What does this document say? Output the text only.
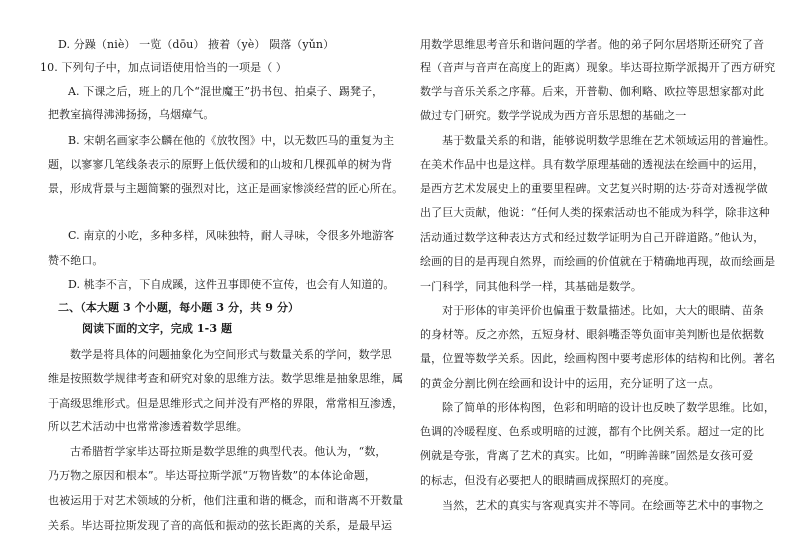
D. 分躁（niè） 一览（dōu） 掖着（yè） 陨落（yǔn）
10. 下列句子中，加点词语使用恰当的一项是（ ）
A. 下课之后，班上的几个“混世魔王”扔书包、拍桌子、踢凳子，
把教室搞得沸沸扬扬，乌烟瘴气。
B. 宋朝名画家李公麟在他的《放牧图》中，以无数匹马的重复为主
题，以寥寥几笔线条表示的原野上低伏缓和的山坡和几棵孤单的树为背
景，形成背景与主题简繁的强烈对比，这正是画家惨淡经营的匠心所在。
C. 南京的小吃，多种多样，风味独特，耐人寻味，令很多外地游客
赞不绝口。
D. 桃李不言，下自成蹊，这件丑事即使不宣传，也会有人知道的。
二、（本大题 3 个小题，每小题 3 分，共 9 分）
阅读下面的文字，完成 1-3 题
数学是将具体的问题抽象化为空间形式与数量关系的学问，数学思
维是按照数学规律考查和研究对象的思维方法。数学思维是抽象思维，属
于高级思维形式。但是思维形式之间并没有严格的界限，常常相互渗透，
所以艺术活动中也常常渗透着数学思维。
古希腊哲学家毕达哥拉斯是数学思维的典型代表。他认为，“数，
乃万物之原因和根本”。毕达哥拉斯学派“万物皆数”的本体论命题，
也被运用于对艺术领域的分析，他们注重和谐的概念，而和谐离不开数量
关系。毕达哥拉斯发现了音的高低和振动的弦长距离的关系，是最早运
用数学思维思考音乐和谐问题的学者。他的弟子阿尔居塔斯还研究了音
程（音声与音声在高度上的距离）现象。毕达哥拉斯学派揭开了西方研究
数学与音乐关系之序幕。后来，开普勒、伽利略、欧拉等思想家都对此
做过专门研究。数学学说成为西方音乐思想的基础之一
基于数量关系的和谐，能够说明数学思维在艺术领域运用的普遍性。
在美术作品中也是这样。具有数学原理基础的透视法在绘画中的运用，
是西方艺术发展史上的重要里程碑。文艺复兴时期的达·芬奇对透视学做
出了巨大贡献，他说：“任何人类的探索活动也不能成为科学，除非这种
活动通过数学这种表达方式和经过数学证明为自己开辟道路。”他认为，
绘画的目的是再现自然界，而绘画的价值就在于精确地再现，故而绘画是
一门科学，同其他科学一样，其基础是数学。
对于形体的审美评价也偏重于数量描述。比如，大大的眼睛、苗条
的身材等。反之亦然，五短身材、眼斜嘴歪等负面审美判断也是依据数
量，位置等数学关系。因此，绘画构图中要考虑形体的结构和比例。著名
的黄金分割比例在绘画和设计中的运用，充分证明了这一点。
除了简单的形体构图，色彩和明暗的设计也反映了数学思维。比如，
色调的冷暖程度、色系或明暗的过渡，都有个比例关系。超过一定的比
例就是夸张，背离了艺术的真实。比如，“明眸善睐”固然是女孩可爱
的标志，但没有必要把人的眼睛画成探照灯的亮度。
当然，艺术的真实与客观真实并不等同。在绘画等艺术中的事物之
